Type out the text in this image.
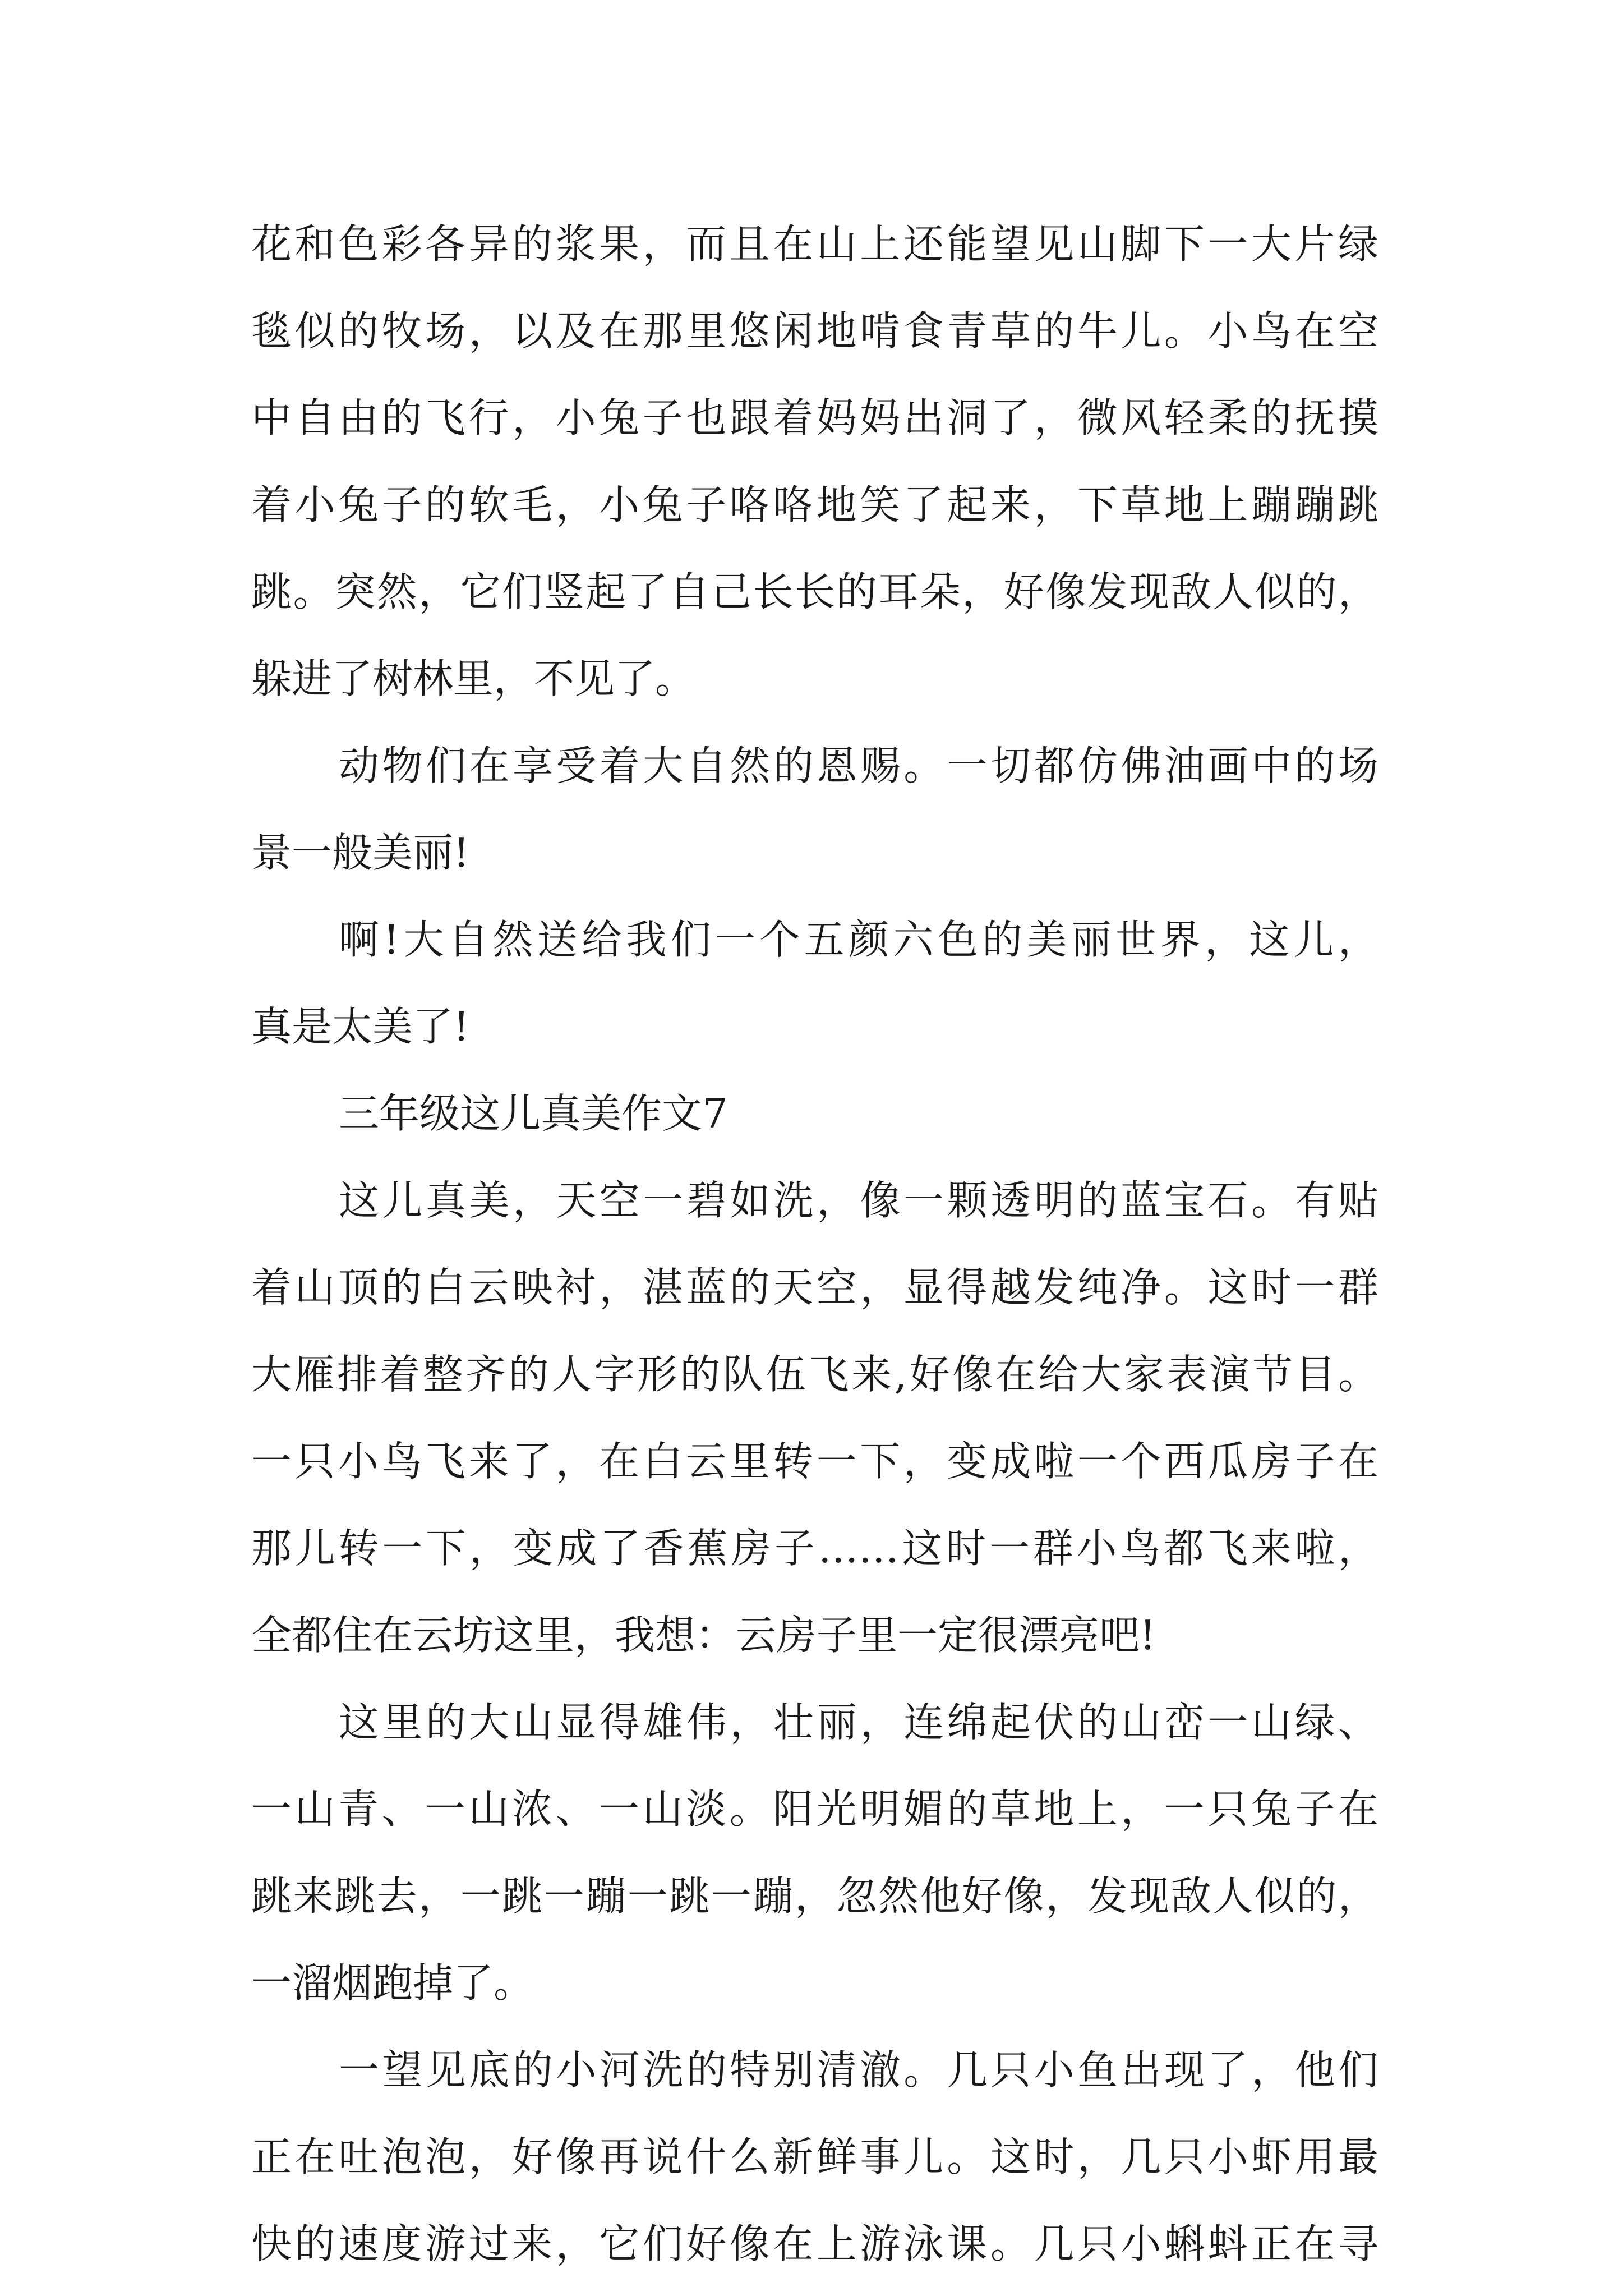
花和色彩各异的浆果，而且在山上还能望见山脚下一大片绿
毯似的牧场，以及在那里悠闲地啃食青草的牛儿。小鸟在空
中自由的飞行，小兔子也跟着妈妈出洞了，微风轻柔的抚摸
着小兔子的软毛，小兔子咯咯地笑了起来，下草地上蹦蹦跳
跳。突然，它们竖起了自己长长的耳朵，好像发现敌人似的，
躲进了树林里，不见了。
动物们在享受着大自然的恩赐。一切都仿佛油画中的场
景一般美丽!
啊!大自然送给我们一个五颜六色的美丽世界，这儿，
真是太美了!
三年级这儿真美作文7
这儿真美，天空一碧如洗，像一颗透明的蓝宝石。有贴
着山顶的白云映衬，湛蓝的天空，显得越发纯净。这时一群
大雁排着整齐的人字形的队伍飞来,好像在给大家表演节目。
一只小鸟飞来了，在白云里转一下，变成啦一个西瓜房子在
那儿转一下，变成了香蕉房子……这时一群小鸟都飞来啦，
全都住在云坊这里，我想：云房子里一定很漂亮吧!
这里的大山显得雄伟，壮丽，连绵起伏的山峦一山绿、
一山青、一山浓、一山淡。阳光明媚的草地上，一只兔子在
跳来跳去，一跳一蹦一跳一蹦，忽然他好像，发现敌人似的，
一溜烟跑掉了。
一望见底的小河洗的特别清澈。几只小鱼出现了，他们
正在吐泡泡，好像再说什么新鲜事儿。这时，几只小虾用最
快的速度游过来，它们好像在上游泳课。几只小蝌蚪正在寻
